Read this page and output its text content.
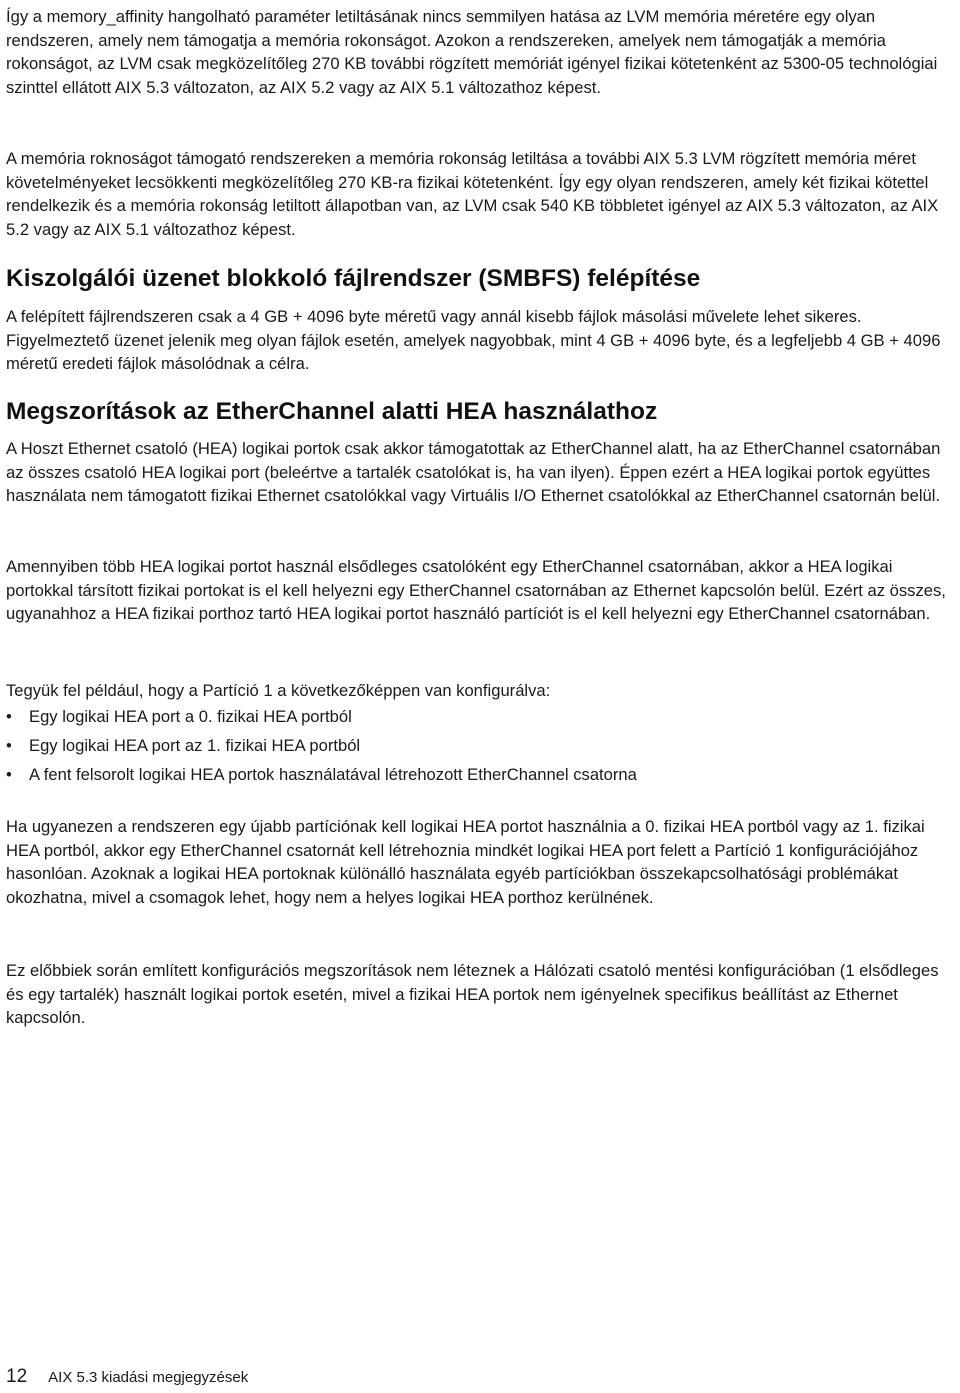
Így a memory_affinity hangolható paraméter letiltásának nincs semmilyen hatása az LVM memória méretére egy olyan rendszeren, amely nem támogatja a memória rokonságot. Azokon a rendszereken, amelyek nem támogatják a memória rokonságot, az LVM csak megközelítőleg 270 KB további rögzített memóriát igényel fizikai kötetenként az 5300-05 technológiai szinttel ellátott AIX 5.3 változaton, az AIX 5.2 vagy az AIX 5.1 változathoz képest.

A memória roknoságot támogató rendszereken a memória rokonság letiltása a további AIX 5.3 LVM rögzített memória méret követelményeket lecsökkenti megközelítőleg 270 KB-ra fizikai kötetenként. Így egy olyan rendszeren, amely két fizikai kötettel rendelkezik és a memória rokonság letiltott állapotban van, az LVM csak 540 KB többletet igényel az AIX 5.3 változaton, az AIX 5.2 vagy az AIX 5.1 változathoz képest.

Kiszolgálói üzenet blokkoló fájlrendszer (SMBFS) felépítése

A felépített fájlrendszeren csak a 4 GB + 4096 byte méretű vagy annál kisebb fájlok másolási művelete lehet sikeres. Figyelmeztető üzenet jelenik meg olyan fájlok esetén, amelyek nagyobbak, mint 4 GB + 4096 byte, és a legfeljebb 4 GB + 4096 méretű eredeti fájlok másolódnak a célra.

Megszorítások az EtherChannel alatti HEA használathoz

A Hoszt Ethernet csatoló (HEA) logikai portok csak akkor támogatottak az EtherChannel alatt, ha az EtherChannel csatornában az összes csatoló HEA logikai port (beleértve a tartalék csatolókat is, ha van ilyen). Éppen ezért a HEA logikai portok együttes használata nem támogatott fizikai Ethernet csatolókkal vagy Virtuális I/O Ethernet csatolókkal az EtherChannel csatornán belül.

Amennyiben több HEA logikai portot használ elsődleges csatolóként egy EtherChannel csatornában, akkor a HEA logikai portokkal társított fizikai portokat is el kell helyezni egy EtherChannel csatornában az Ethernet kapcsolón belül. Ezért az összes, ugyanahhoz a HEA fizikai porthoz tartó HEA logikai portot használó partíciót is el kell helyezni egy EtherChannel csatornában.

Tegyük fel például, hogy a Partíció 1 a következőképpen van konfigurálva:

• Egy logikai HEA port a 0. fizikai HEA portból
• Egy logikai HEA port az 1. fizikai HEA portból
• A fent felsorolt logikai HEA portok használatával létrehozott EtherChannel csatorna

Ha ugyanezen a rendszeren egy újabb partíciónak kell logikai HEA portot használnia a 0. fizikai HEA portból vagy az 1. fizikai HEA portból, akkor egy EtherChannel csatornát kell létrehoznia mindkét logikai HEA port felett a Partíció 1 konfigurációjához hasonlóan. Azoknak a logikai HEA portoknak különálló használata egyéb partíciókban összekapcsolhatósági problémákat okozhatna, mivel a csomagok lehet, hogy nem a helyes logikai HEA porthoz kerülnének.

Ez előbbiek során említett konfigurációs megszorítások nem léteznek a Hálózati csatoló mentési konfigurációban (1 elsődleges és egy tartalék) használt logikai portok esetén, mivel a fizikai HEA portok nem igényelnek specifikus beállítást az Ethernet kapcsolón.

12 AIX 5.3 kiadási megjegyzések
